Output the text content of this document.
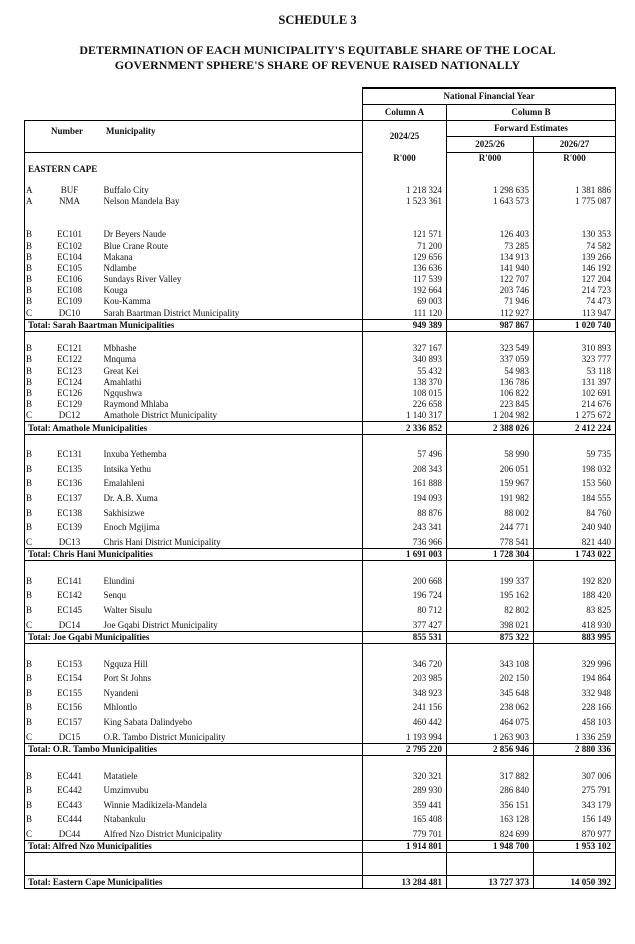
SCHEDULE 3
DETERMINATION OF EACH MUNICIPALITY'S EQUITABLE SHARE OF THE LOCAL
GOVERNMENT SPHERE'S SHARE OF REVENUE RAISED NATIONALLY
			National Financial Year		
			Column A	Column B	
Number Municipality			2024/25	Forward Estimates	
				2025/26	2026/27
			R'000	R'000	R'000
EASTERN CAPE					

A	BUF	Buffalo City	1 218 324	1 298 635	1 381 886
A	NMA	Nelson Mandela Bay	1 523 361	1 643 573	1 775 087

B	EC101	Dr Beyers Naude	121 571	126 403	130 353
B	EC102	Blue Crane Route	71 200	73 285	74 582
B	EC104	Makana	129 656	134 913	139 266
B	EC105	Ndlambe	136 636	141 940	146 192
B	EC106	Sundays River Valley	117 539	122 707	127 204
B	EC108	Kouga	192 664	203 746	214 723
B	EC109	Kou-Kamma	69 003	71 946	74 473
C	DC10	Sarah Baartman District Municipality	111 120	112 927	113 947
Total: Sarah Baartman Municipalities			949 389	987 867	1 020 740

B	EC121	Mbhashe	327 167	323 549	310 893
B	EC122	Mnquma	340 893	337 059	323 777
B	EC123	Great Kei	55 432	54 983	53 118
B	EC124	Amahlathi	138 370	136 786	131 397
B	EC126	Ngqushwa	108 015	106 822	102 691
B	EC129	Raymond Mhlaba	226 658	223 845	214 676
C	DC12	Amathole District Municipality	1 140 317	1 204 982	1 275 672
Total: Amathole Municipalities			2 336 852	2 388 026	2 412 224

B	EC131	Inxuba Yethemba	57 496	58 990	59 735
B	EC135	Intsika Yethu	208 343	206 051	198 032
B	EC136	Emalahleni	161 888	159 967	153 560
B	EC137	Dr. A.B. Xuma	194 093	191 982	184 555
B	EC138	Sakhisizwe	88 876	88 002	84 760
B	EC139	Enoch Mgijima	243 341	244 771	240 940
C	DC13	Chris Hani District Municipality	736 966	778 541	821 440
Total: Chris Hani Municipalities			1 691 003	1 728 304	1 743 022

B	EC141	Elundini	200 668	199 337	192 820
B	EC142	Senqu	196 724	195 162	188 420
B	EC145	Walter Sisulu	80 712	82 802	83 825
C	DC14	Joe Gqabi District Municipality	377 427	398 021	418 930
Total: Joe Gqabi Municipalities			855 531	875 322	883 995

B	EC153	Ngquza Hill	346 720	343 108	329 996
B	EC154	Port St Johns	203 985	202 150	194 864
B	EC155	Nyandeni	348 923	345 648	332 948
B	EC156	Mhlontlo	241 156	238 062	228 166
B	EC157	King Sabata Dalindyebo	460 442	464 075	458 103
C	DC15	O.R. Tambo District Municipality	1 193 994	1 263 903	1 336 259
Total: O.R. Tambo Municipalities			2 795 220	2 856 946	2 880 336

B	EC441	Matatiele	320 321	317 882	307 006
B	EC442	Umzimvubu	289 930	286 840	275 791
B	EC443	Winnie Madikizela-Mandela	359 441	356 151	343 179
B	EC444	Ntabankulu	165 408	163 128	156 149
C	DC44	Alfred Nzo District Municipality	779 701	824 699	870 977
Total: Alfred Nzo Municipalities			1 914 801	1 948 700	1 953 102

Total: Eastern Cape Municipalities			13 284 481	13 727 373	14 050 392
